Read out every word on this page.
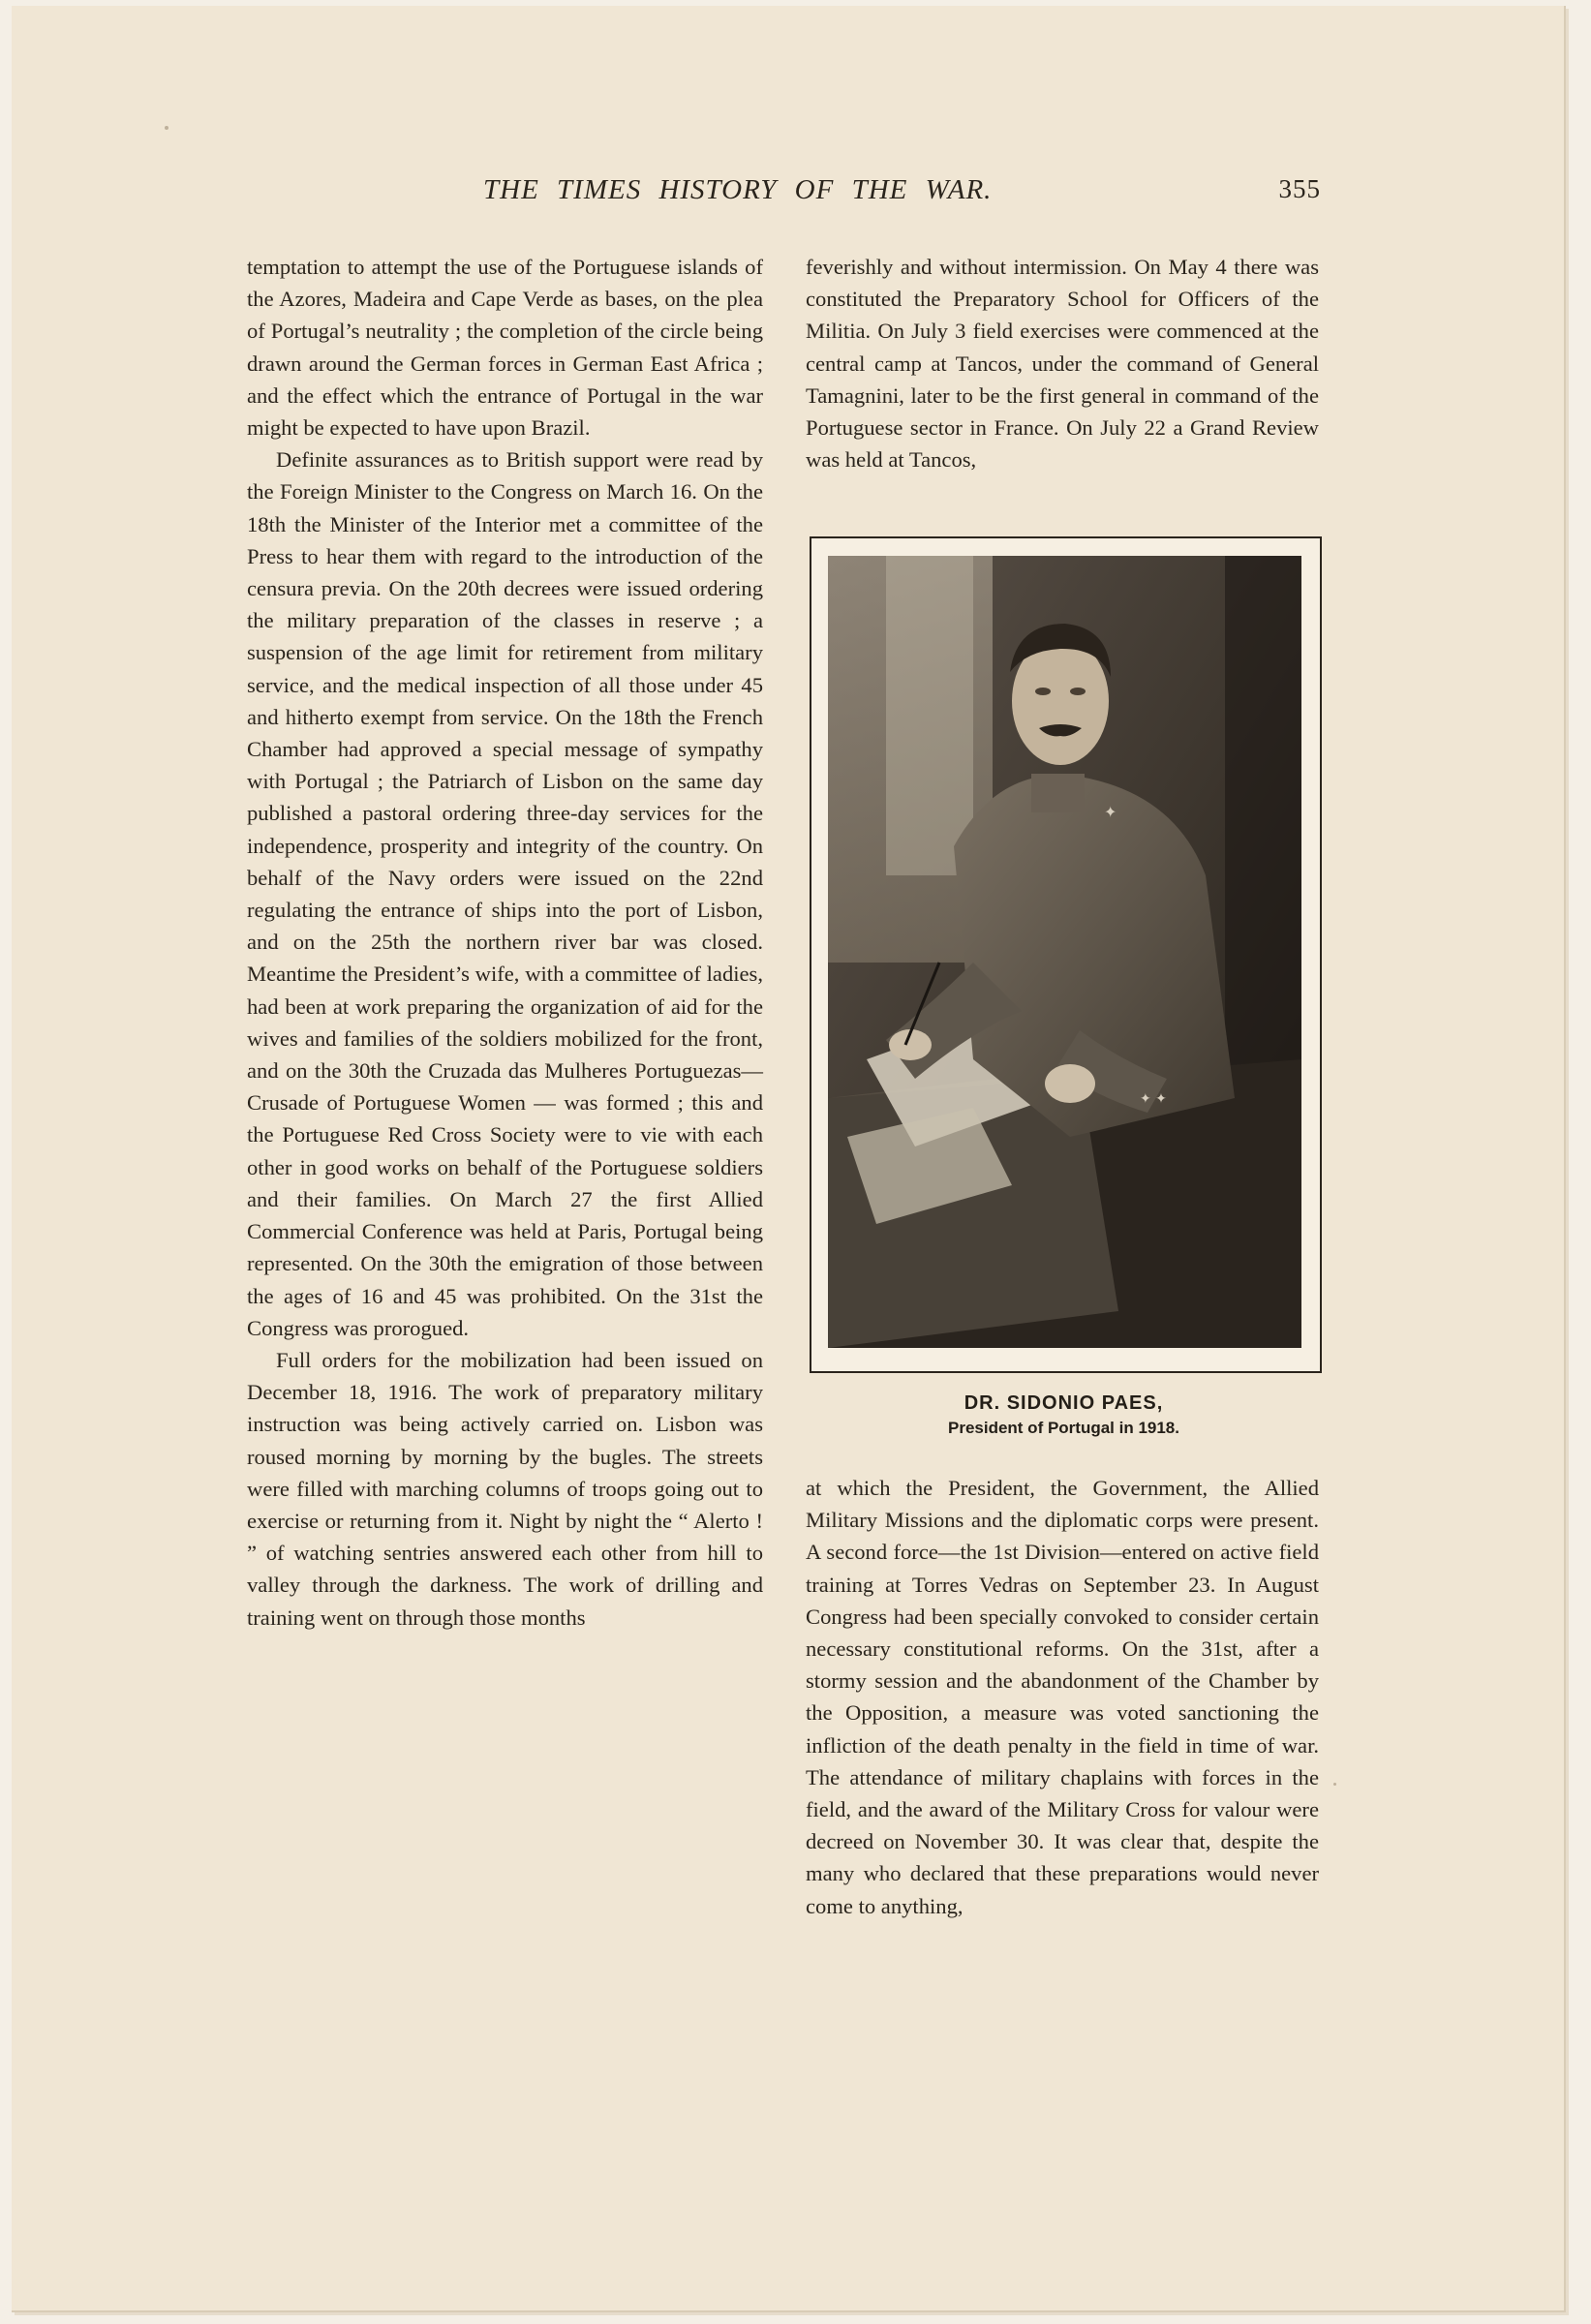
THE TIMES HISTORY OF THE WAR.	355

temptation to attempt the use of the Portuguese islands of the Azores, Madeira and Cape Verde as bases, on the plea of Portugal’s neutrality ; the completion of the circle being drawn around the German forces in German East Africa ; and the effect which the entrance of Portugal in the war might be expected to have upon Brazil.

Definite assurances as to British support were read by the Foreign Minister to the Congress on March 16. On the 18th the Minister of the Interior met a committee of the Press to hear them with regard to the introduction of the censura previa. On the 20th decrees were issued ordering the military preparation of the classes in reserve ; a suspension of the age limit for retirement from military service, and the medical inspection of all those under 45 and hitherto exempt from service. On the 18th the French Chamber had approved a special message of sympathy with Portugal ; the Patriarch of Lisbon on the same day published a pastoral ordering three-day services for the independence, prosperity and integrity of the country. On behalf of the Navy orders were issued on the 22nd regulating the entrance of ships into the port of Lisbon, and on the 25th the northern river bar was closed. Meantime the President’s wife, with a committee of ladies, had been at work preparing the organization of aid for the wives and families of the soldiers mobilized for the front, and on the 30th the Cruzada das Mulheres Portuguezas—Crusade of Portuguese Women — was formed ; this and the Portuguese Red Cross Society were to vie with each other in good works on behalf of the Portuguese soldiers and their families. On March 27 the first Allied Commercial Conference was held at Paris, Portugal being represented. On the 30th the emigration of those between the ages of 16 and 45 was prohibited. On the 31st the Congress was prorogued.

Full orders for the mobilization had been issued on December 18, 1916. The work of preparatory military instruction was being actively carried on. Lisbon was roused morning by morning by the bugles. The streets were filled with marching columns of troops going out to exercise or returning from it. Night by night the “ Alerto ! ” of watching sentries answered each other from hill to valley through the darkness. The work of drilling and training went on through those months

feverishly and without intermission. On May 4 there was constituted the Preparatory School for Officers of the Militia. On July 3 field exercises were commenced at the central camp at Tancos, under the command of General Tamagnini, later to be the first general in command of the Portuguese sector in France. On July 22 a Grand Review was held at Tancos,

✦
✦ ✦
DR. SIDONIO PAES,
President of Portugal in 1918.

at which the President, the Government, the Allied Military Missions and the diplomatic corps were present. A second force—the 1st Division—entered on active field training at Torres Vedras on September 23. In August Congress had been specially convoked to consider certain necessary constitutional reforms. On the 31st, after a stormy session and the abandonment of the Chamber by the Opposition, a measure was voted sanctioning the infliction of the death penalty in the field in time of war. The attendance of military chaplains with forces in the field, and the award of the Military Cross for valour were decreed on November 30. It was clear that, despite the many who declared that these preparations would never come to anything,
